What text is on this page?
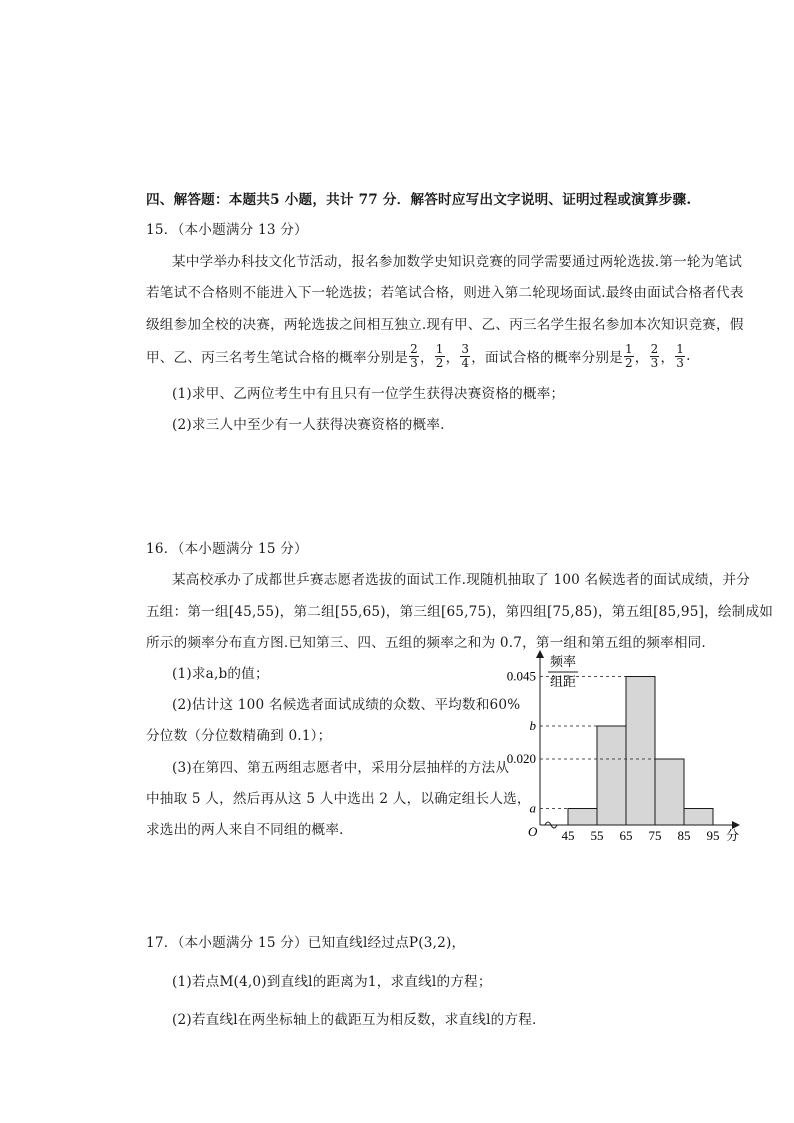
四、解答题：本题共5 小题，共计 77 分．解答时应写出文字说明、证明过程或演算步骤.
15．（本小题满分 13 分）
某中学举办科技文化节活动，报名参加数学史知识竞赛的同学需要通过两轮选拔.第一轮为笔试
若笔试不合格则不能进入下一轮选拔；若笔试合格，则进入第二轮现场面试.最终由面试合格者代表
级组参加全校的决赛，两轮选拔之间相互独立.现有甲、乙、丙三名学生报名参加本次知识竞赛，假
甲、乙、丙三名考生笔试合格的概率分别是 $\frac{2}{3}$ ， $\frac{1}{2}$ ， $\frac{3}{4}$ ，面试合格的概率分别是 $\frac{1}{2}$ ， $\frac{2}{3}$ ， $\frac{1}{3}$ .
(1)求甲、乙两位考生中有且只有一位学生获得决赛资格的概率；
(2)求三人中至少有一人获得决赛资格的概率.
16．（本小题满分 15 分）
某高校承办了成都世乒赛志愿者选拔的面试工作.现随机抽取了 100 名候选者的面试成绩，并分
五组：第一组[45,55)，第二组[55,65)，第三组[65,75)，第四组[75,85)，第五组[85,95]，绘制成如
所示的频率分布直方图.已知第三、四、五组的频率之和为 0.7，第一组和第五组的频率相同.
(1)求a,b的值；
(2)估计这 100 名候选者面试成绩的众数、平均数和60%
分位数（分位数精确到 0.1）；
(3)在第四、第五两组志愿者中，采用分层抽样的方法从
中抽取 5 人，然后再从这 5 人中选出 2 人，以确定组长人选，
求选出的两人来自不同组的概率.
频率
组距
O	分
45 55 65 75 85 95
a
b
0.020
0.045
17．（本小题满分 15 分）已知直线l经过点P(3,2)，
(1)若点M(4,0)到直线l的距离为1，求直线l的方程；
(2)若直线l在两坐标轴上的截距互为相反数，求直线l的方程.
